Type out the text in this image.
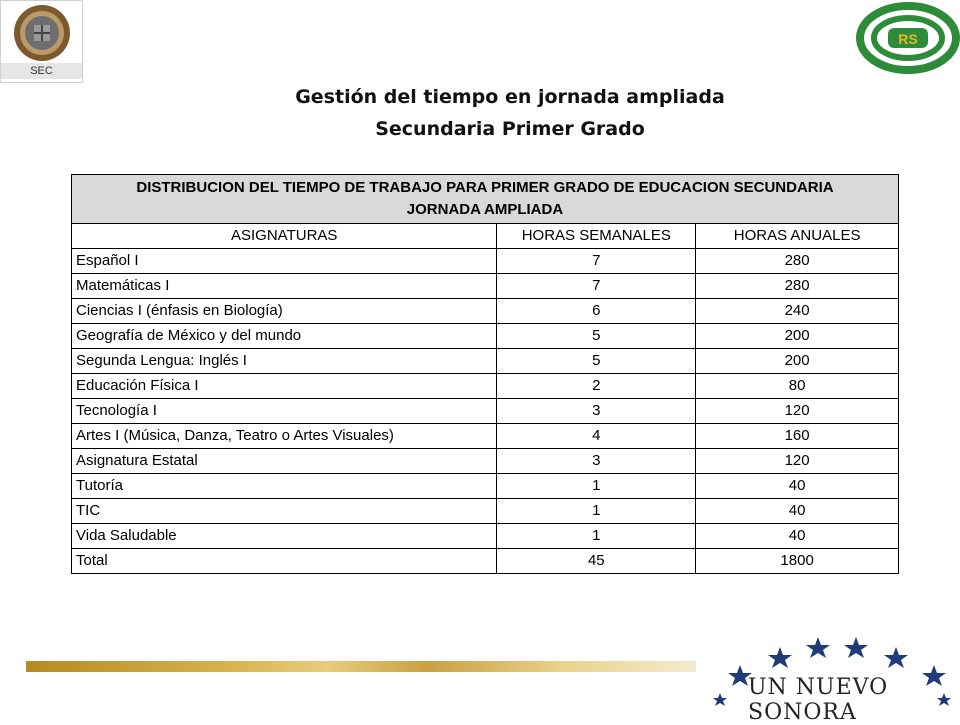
SEC
RS
Gestión del tiempo en jornada ampliada
Secundaria Primer Grado
DISTRIBUCION DEL TIEMPO DE TRABAJO PARA PRIMER GRADO DE EDUCACION SECUNDARIA
JORNADA AMPLIADA		

ASIGNATURAS	HORAS SEMANALES	HORAS ANUALES
Español I	7	280
Matemáticas I	7	280
Ciencias I (énfasis en Biología)	6	240
Geografía de México y del mundo	5	200
Segunda Lengua: Inglés I	5	200
Educación Física I	2	80
Tecnología I	3	120
Artes I (Música, Danza, Teatro o Artes Visuales)	4	160
Asignatura Estatal	3	120
Tutoría	1	40
TIC	1	40
Vida Saludable	1	40
Total	45	1800
UN NUEVO SONORA
